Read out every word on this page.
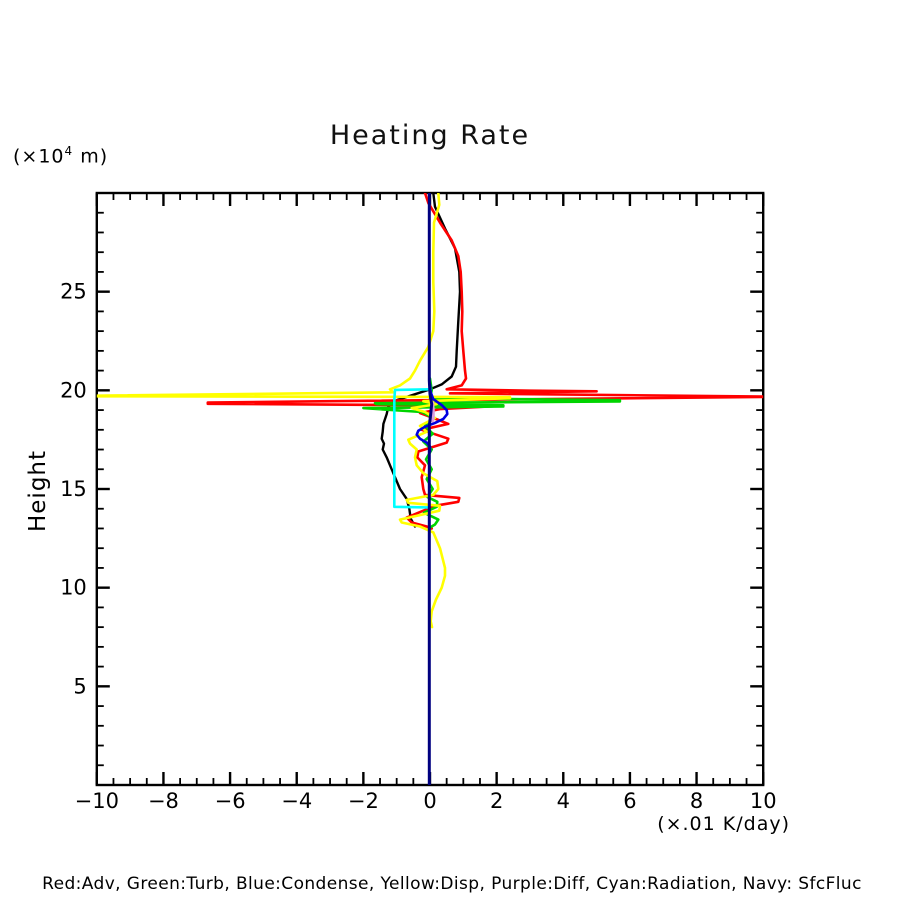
−10 −8 −6 −4 −2 0	2	4	6	8 10
5
10
15
20
25
Heating Rate
($\times 10^4$ m)
Height
(×.01 K/day)
Red:Adv, Green:Turb, Blue:Condense, Yellow:Disp, Purple:Diff, Cyan:Radiation, Navy: SfcFluc
